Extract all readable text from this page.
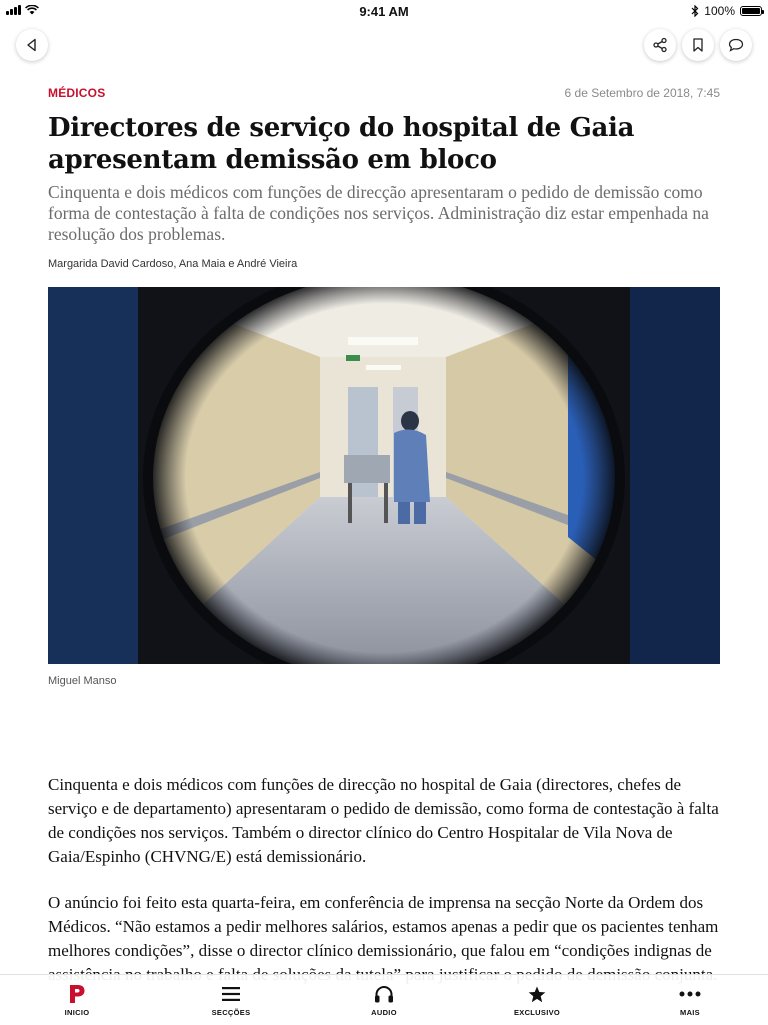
9:41 AM	100%
MÉDICOS	6 de Setembro de 2018, 7:45
Directores de serviço do hospital de Gaia apresentam demissão em bloco

Cinquenta e dois médicos com funções de direcção apresentaram o pedido de demissão como forma de contestação à falta de condições nos serviços. Administração diz estar empenhada na resolução dos problemas.

Margarida David Cardoso, Ana Maia e André Vieira
Miguel Manso

Cinquenta e dois médicos com funções de direcção no hospital de Gaia (directores, chefes de serviço e de departamento) apresentaram o pedido de demissão, como forma de contestação à falta de condições nos serviços. Também o director clínico do Centro Hospitalar de Vila Nova de Gaia/Espinho (CHVNG/E) está demissionário.

O anúncio foi feito esta quarta-feira, em conferência de imprensa na secção Norte da Ordem dos Médicos. “Não estamos a pedir melhores salários, estamos apenas a pedir que os pacientes tenham melhores condições”, disse o director clínico demissionário, que falou em “condições indignas de

INICIO	SECÇÕES	AUDIO	EXCLUSIVO	MAIS
